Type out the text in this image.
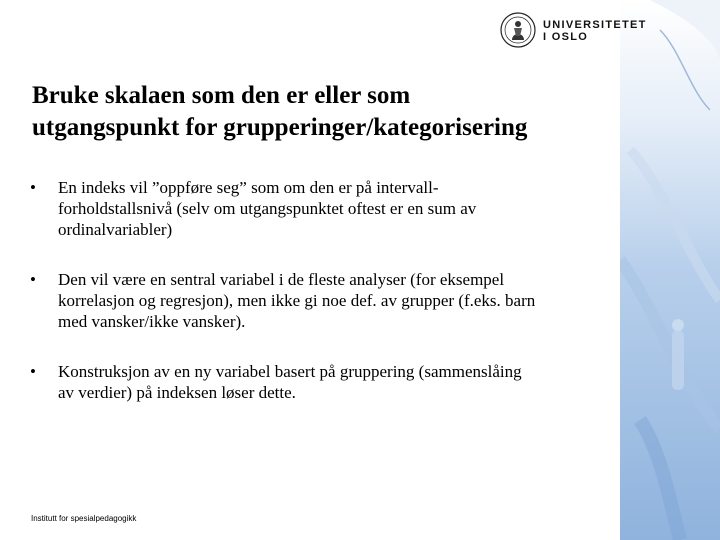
UNIVERSITETET
I OSLO
Bruke skalaen som den er eller som
utgangspunkt for grupperinger/kategorisering
• En indeks vil ”oppføre seg” som om den er på intervall-
forholdstallsnivå (selv om utgangspunktet oftest er en sum av
ordinalvariabler)
• Den vil være en sentral variabel i de fleste analyser (for eksempel
korrelasjon og regresjon), men ikke gi noe def. av grupper (f.eks. barn
med vansker/ikke vansker).
• Konstruksjon av en ny variabel basert på gruppering (sammenslåing
av verdier) på indeksen løser dette.
Institutt for spesialpedagogikk
